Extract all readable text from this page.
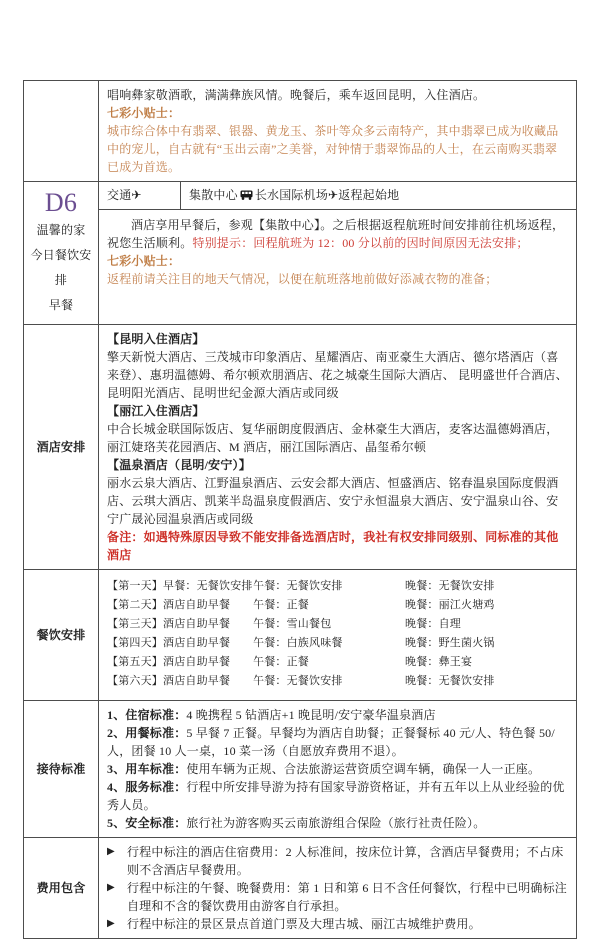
唱响彝家敬酒歌，满满彝族风情。晚餐后，乘车返回昆明，入住酒店。

七彩小贴士：

城市综合体中有翡翠、银器、黄龙玉、茶叶等众多云南特产，其中翡翠已成为收藏品中的宠儿，自古就有“玉出云南”之美誉，对钟情于翡翠饰品的人士，在云南购买翡翠已成为首选。

D6
温馨的家
今日餐饮安排
早餐
交通✈	集散中心 长水国际机场✈返程起始地

酒店享用早餐后，参观【集散中心】。之后根据返程航班时间安排前往机场返程，祝您生活顺利。特别提示：回程航班为 12：00 分以前的因时间原因无法安排；

七彩小贴士：

返程前请关注目的地天气情况，以便在航班落地前做好添减衣物的准备；

酒店安排

【昆明入住酒店】

擎天新悦大酒店、三茂城市印象酒店、星耀酒店、南亚豪生大酒店、德尔塔酒店（喜来登）、惠玥温德姆、希尔顿欢朋酒店、花之城豪生国际大酒店、 昆明盛世仟合酒店、昆明阳光酒店、昆明世纪金源大酒店或同级

【丽江入住酒店】

中合长城金联国际饭店、复华丽朗度假酒店、金林豪生大酒店，麦客达温德姆酒店，丽江婕珞芙花园酒店、M 酒店，丽江国际酒店、晶玺希尔顿

【温泉酒店（昆明/安宁）】

丽水云泉大酒店、江野温泉酒店、云安会都大酒店、恒盛酒店、铭春温泉国际度假酒店、云琪大酒店、凯莱半岛温泉度假酒店、安宁永恒温泉大酒店、安宁温泉山谷、安宁广晟沁园温泉酒店或同级

备注：如遇特殊原因导致不能安排备选酒店时，我社有权安排同级别、同标准的其他酒店

餐饮安排
【第一天】早餐：无餐饮安排 午餐：无餐饮安排	晚餐：无餐饮安排
【第二天】酒店自助早餐	午餐：正餐	晚餐：丽江火塘鸡
【第三天】酒店自助早餐	午餐：雪山餐包	晚餐：自理
【第四天】酒店自助早餐	午餐：白族风味餐	晚餐：野生菌火锅
【第五天】酒店自助早餐	午餐：正餐	晚餐：彝王宴
【第六天】酒店自助早餐	午餐：无餐饮安排	晚餐：无餐饮安排
接待标准
1、住宿标准：4 晚携程 5 钻酒店+1 晚昆明/安宁豪华温泉酒店
2、用餐标准：5 早餐 7 正餐。早餐均为酒店自助餐；正餐餐标 40 元/人、特色餐 50/人，团餐 10 人一桌，10 菜一汤（自愿放弃费用不退）。
3、用车标准：使用车辆为正规、合法旅游运营资质空调车辆，确保一人一正座。
4、服务标准：行程中所安排导游为持有国家导游资格证，并有五年以上从业经验的优秀人员。
5、安全标准：旅行社为游客购买云南旅游组合保险（旅行社责任险）。
费用包含
▶	行程中标注的酒店住宿费用：2 人标准间，按床位计算，含酒店早餐费用；不占床则不含酒店早餐费用。
▶	行程中标注的午餐、晚餐费用：第 1 日和第 6 日不含任何餐饮，行程中已明确标注自理和不含的餐饮费用由游客自行承担。
▶	行程中标注的景区景点首道门票及大理古城、丽江古城维护费用。
